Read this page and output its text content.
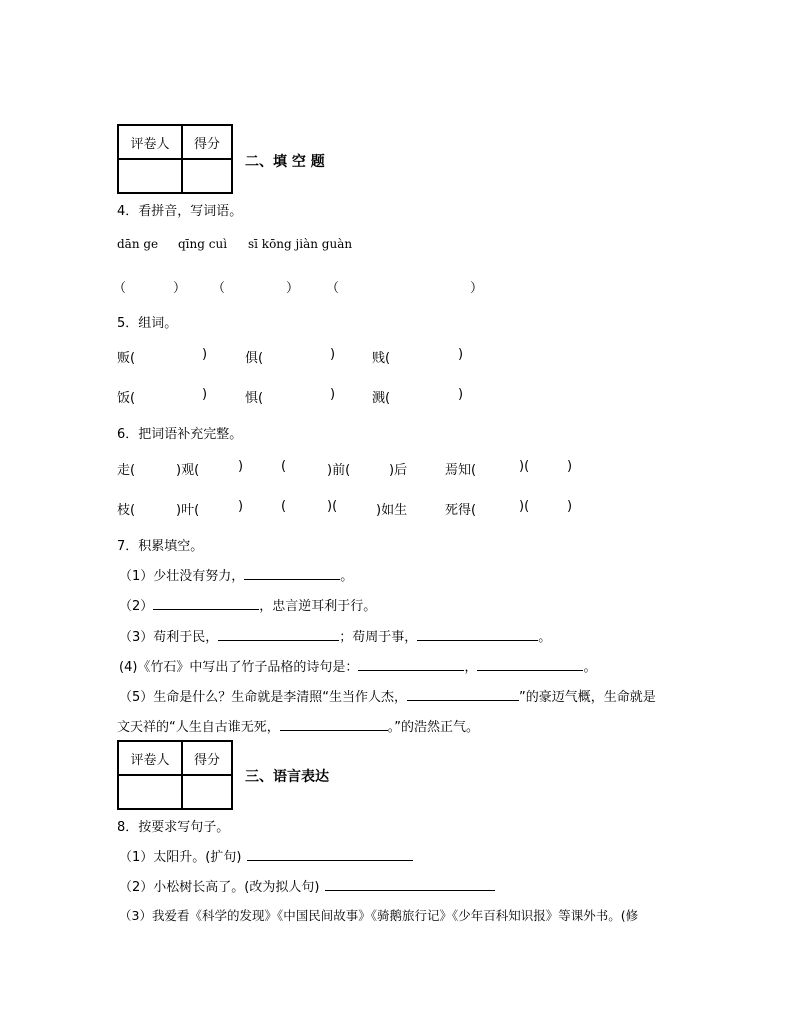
评卷人	得分

二、填 空 题
4．看拼音，写词语。
dān ge qīng cuì sī kōng jiàn guàn
（	） （	） （	）
5．组词。
贩(	)	俱(	)	贱(	)
饭(	)	惧(	)	溅(	)
6．把词语补充完整。
走(	)观(	)	(	)前(	)后	焉知(	)(	)
枝(	)叶(	)	(	)(	)如生	死得(	)(	)
7．积累填空。
（1）少壮没有努力，	。
（2）	，忠言逆耳利于行。
（3）苟利于民，	；苟周于事，	。
(4)《竹石》中写出了竹子品格的诗句是：	，	。
（5）生命是什么？生命就是李清照“生当作人杰，	”的豪迈气概，生命就是
文天祥的“人生自古谁无死，	。”的浩然正气。
评卷人	得分

三、语言表达
8．按要求写句子。
（1）太阳升。(扩句)
（2）小松树长高了。(改为拟人句)
（3）我爱看《科学的发现》《中国民间故事》《骑鹅旅行记》《少年百科知识报》等课外书。(修
